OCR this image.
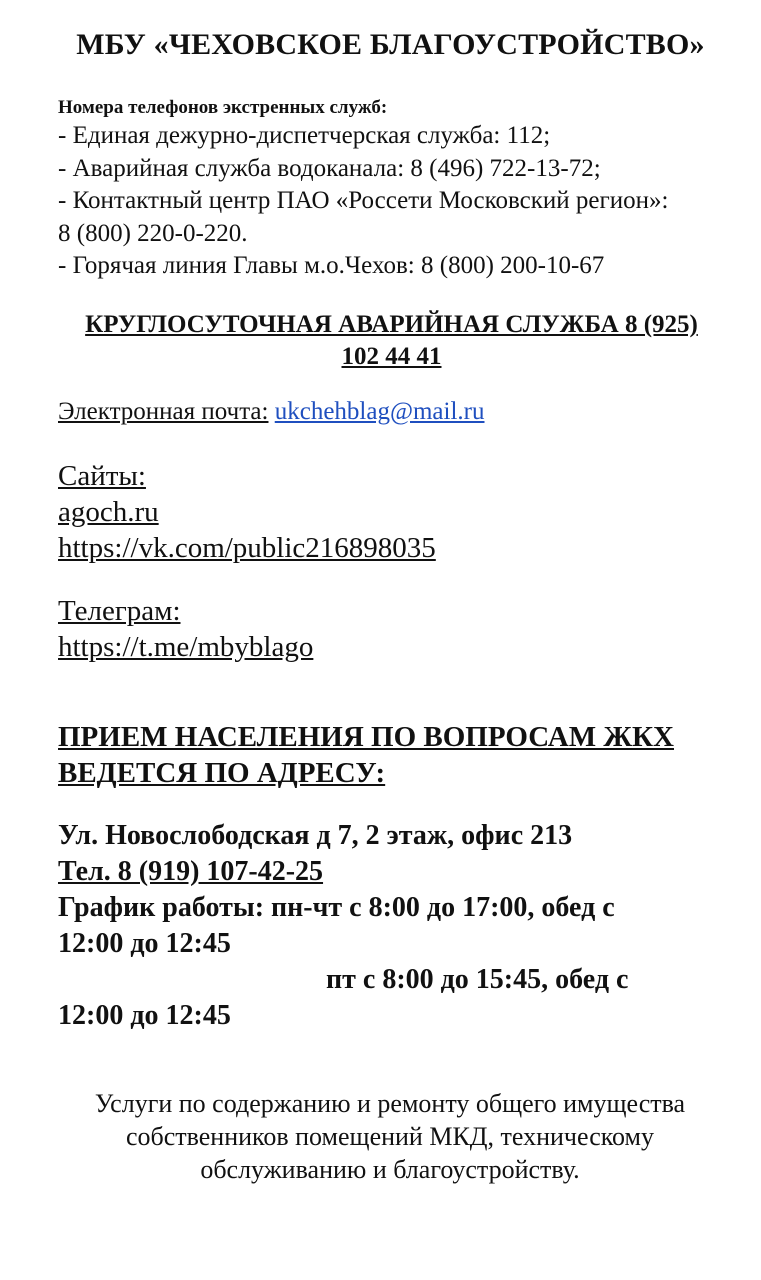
МБУ «ЧЕХОВСКОЕ БЛАГОУСТРОЙСТВО»
Номера телефонов экстренных служб:
- Единая дежурно-диспетчерская служба: 112;
- Аварийная служба водоканала: 8 (496) 722-13-72;
- Контактный центр ПАО «Россети Московский регион»:
8 (800) 220-0-220.
- Горячая линия Главы м.о.Чехов: 8 (800) 200-10-67
КРУГЛОСУТОЧНАЯ АВАРИЙНАЯ СЛУЖБА 8 (925)
102 44 41
Электронная почта: ukchehblag@mail.ru
Сайты:
agoch.ru
https://vk.com/public216898035
Телеграм:
https://t.me/mbyblago
ПРИЕМ НАСЕЛЕНИЯ ПО ВОПРОСАМ ЖКХ
ВЕДЕТСЯ ПО АДРЕСУ:
Ул. Новослободская д 7, 2 этаж, офис 213
Тел. 8 (919) 107-42-25
График работы: пн-чт с 8:00 до 17:00, обед с
12:00 до 12:45
пт с 8:00 до 15:45, обед с
12:00 до 12:45
Услуги по содержанию и ремонту общего имущества
собственников помещений МКД, техническому
обслуживанию и благоустройству.
